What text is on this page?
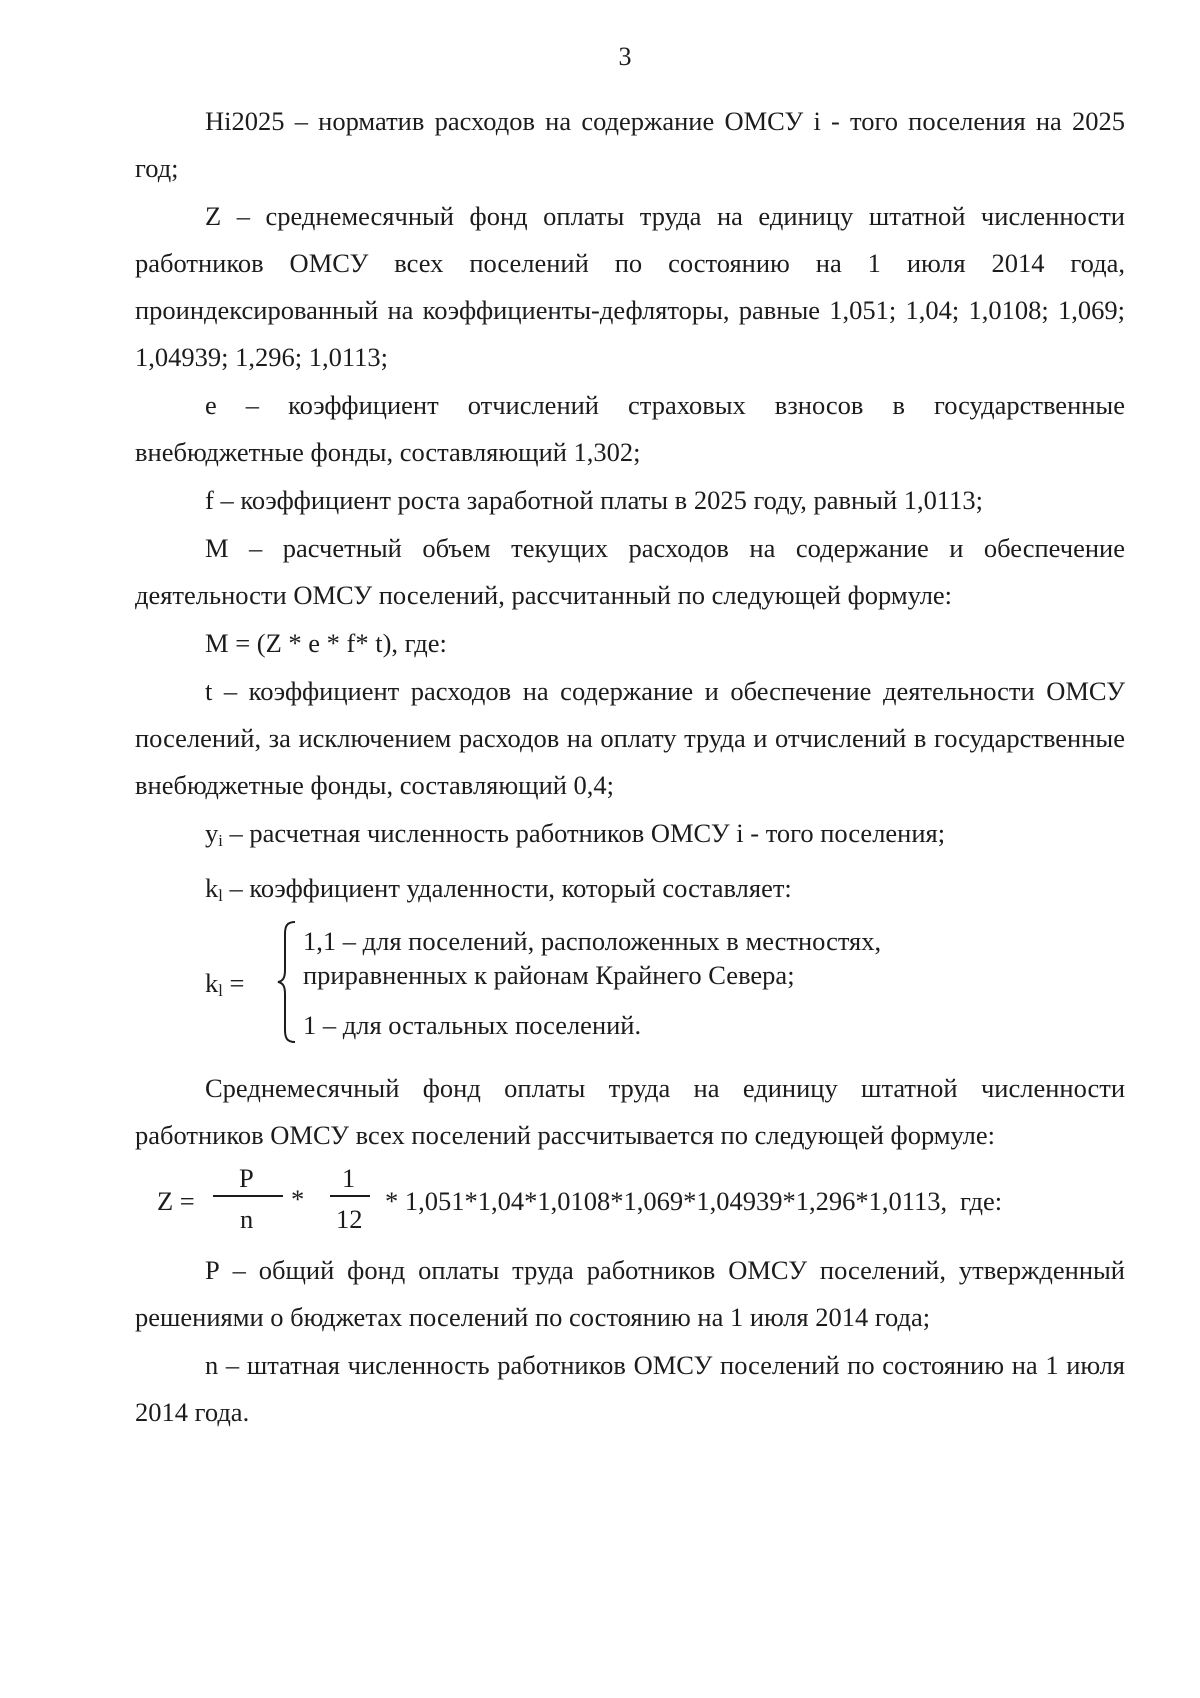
3

Hi2025 – норматив расходов на содержание ОМСУ i - того поселения на 2025 год;

Z – среднемесячный фонд оплаты труда на единицу штатной численности работников ОМСУ всех поселений по состоянию на 1 июля 2014 года, проиндексированный на коэффициенты-дефляторы, равные 1,051; 1,04; 1,0108; 1,069; 1,04939; 1,296; 1,0113;

е – коэффициент отчислений страховых взносов в государственные внебюджетные фонды, составляющий 1,302;

f – коэффициент роста заработной платы в 2025 году, равный 1,0113;

М – расчетный объем текущих расходов на содержание и обеспечение деятельности ОМСУ поселений, рассчитанный по следующей формуле:

М = (Z * е * f* t), где:

t – коэффициент расходов на содержание и обеспечение деятельности ОМСУ поселений, за исключением расходов на оплату труда и отчислений в государственные внебюджетные фонды, составляющий 0,4;

$y_i$ – расчетная численность работников ОМСУ i - того поселения;

$k_l$ – коэффициент удаленности, который составляет:

$k_l$ =
1,1 – для поселений, расположенных в местностях,
приравненных к районам Крайнего Севера;
1 – для остальных поселений.

Среднемесячный фонд оплаты труда на единицу штатной численности работников ОМСУ всех поселений рассчитывается по следующей формуле:

Z =
P
n
*
1
12
* 1,051*1,04*1,0108*1,069*1,04939*1,296*1,0113, где:

Р – общий фонд оплаты труда работников ОМСУ поселений, утвержденный решениями о бюджетах поселений по состоянию на 1 июля 2014 года;

n – штатная численность работников ОМСУ поселений по состоянию на 1 июля 2014 года.
